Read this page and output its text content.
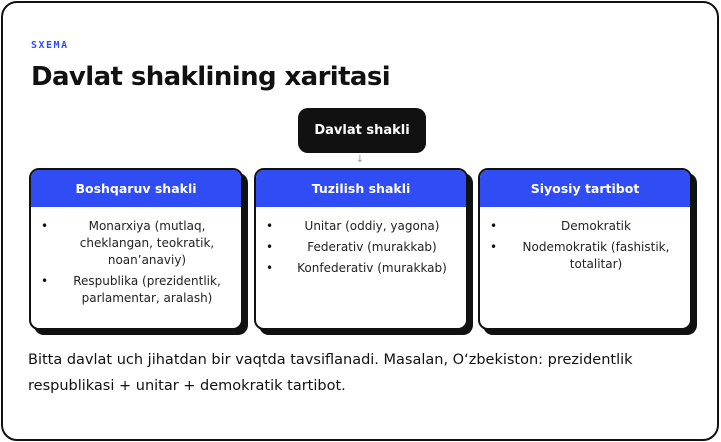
SXEMA
Davlat shaklining xaritasi
Davlat shakli
↓
Boshqaruv shakli
•	Monarxiya (mutlaq, cheklangan, teokratik, noan’anaviy)
• Respublika (prezidentlik, parlamentar, aralash)
Tuzilish shakli
•	Unitar (oddiy, yagona)
•	Federativ (murakkab)
• Konfederativ (murakkab)
Siyosiy tartibot
•	Demokratik
• Nodemokratik (fashistik, totalitar)
Bitta davlat uch jihatdan bir vaqtda tavsiflanadi. Masalan, O‘zbekiston: prezidentlik respublikasi + unitar + demokratik tartibot.
